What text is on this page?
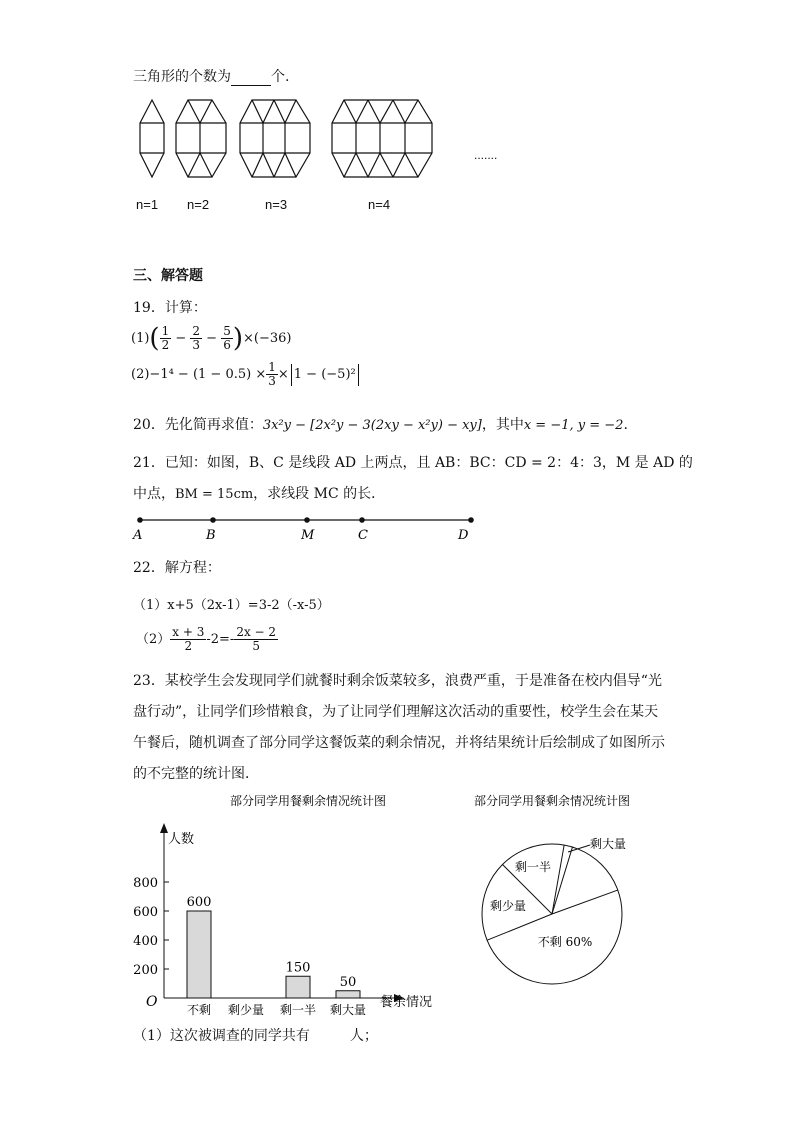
三角形的个数为	个.
.......
n=1 n=2	n=3	n=4
三、解答题
19．计算：
$(1)( \frac{1}{2} - \frac{2}{3} - \frac{5}{6} )\times(-36)$
$(2)-1^4 - (1 - 0.5) \times \frac{1}{3} \times 1 - (-5)^2$
20．先化简再求值：3x²y − [2x²y − 3(2xy − x²y) − xy]，其中x = −1, y = −2.
21．已知：如图，B、C 是线段 AD 上两点，且 AB：BC：CD = 2：4：3，M 是 AD 的
中点，BM = 15cm，求线段 MC 的长．
A	B	M	C	D
22．解方程：
（1）x+5（2x-1）=3-2（-x-5）
$(2) \frac{x + 3}{2} -2=- \frac{2x - 2}{5}$
23．某校学生会发现同学们就餐时剩余饭菜较多，浪费严重，于是准备在校内倡导“光
盘行动”，让同学们珍惜粮食，为了让同学们理解这次活动的重要性，校学生会在某天
午餐后，随机调查了部分同学这餐饭菜的剩余情况，并将结果统计后绘制成了如图所示
的不完整的统计图．
部分同学用餐剩余情况统计图
人数
餐余情况
O
200
400
600
800
600
不剩 剩少量
150
剩一半
50
剩大量
部分同学用餐剩余情况统计图
不剩 60%
剩少量
剩一半
剩大量
（1）这次被调查的同学共有	人；
